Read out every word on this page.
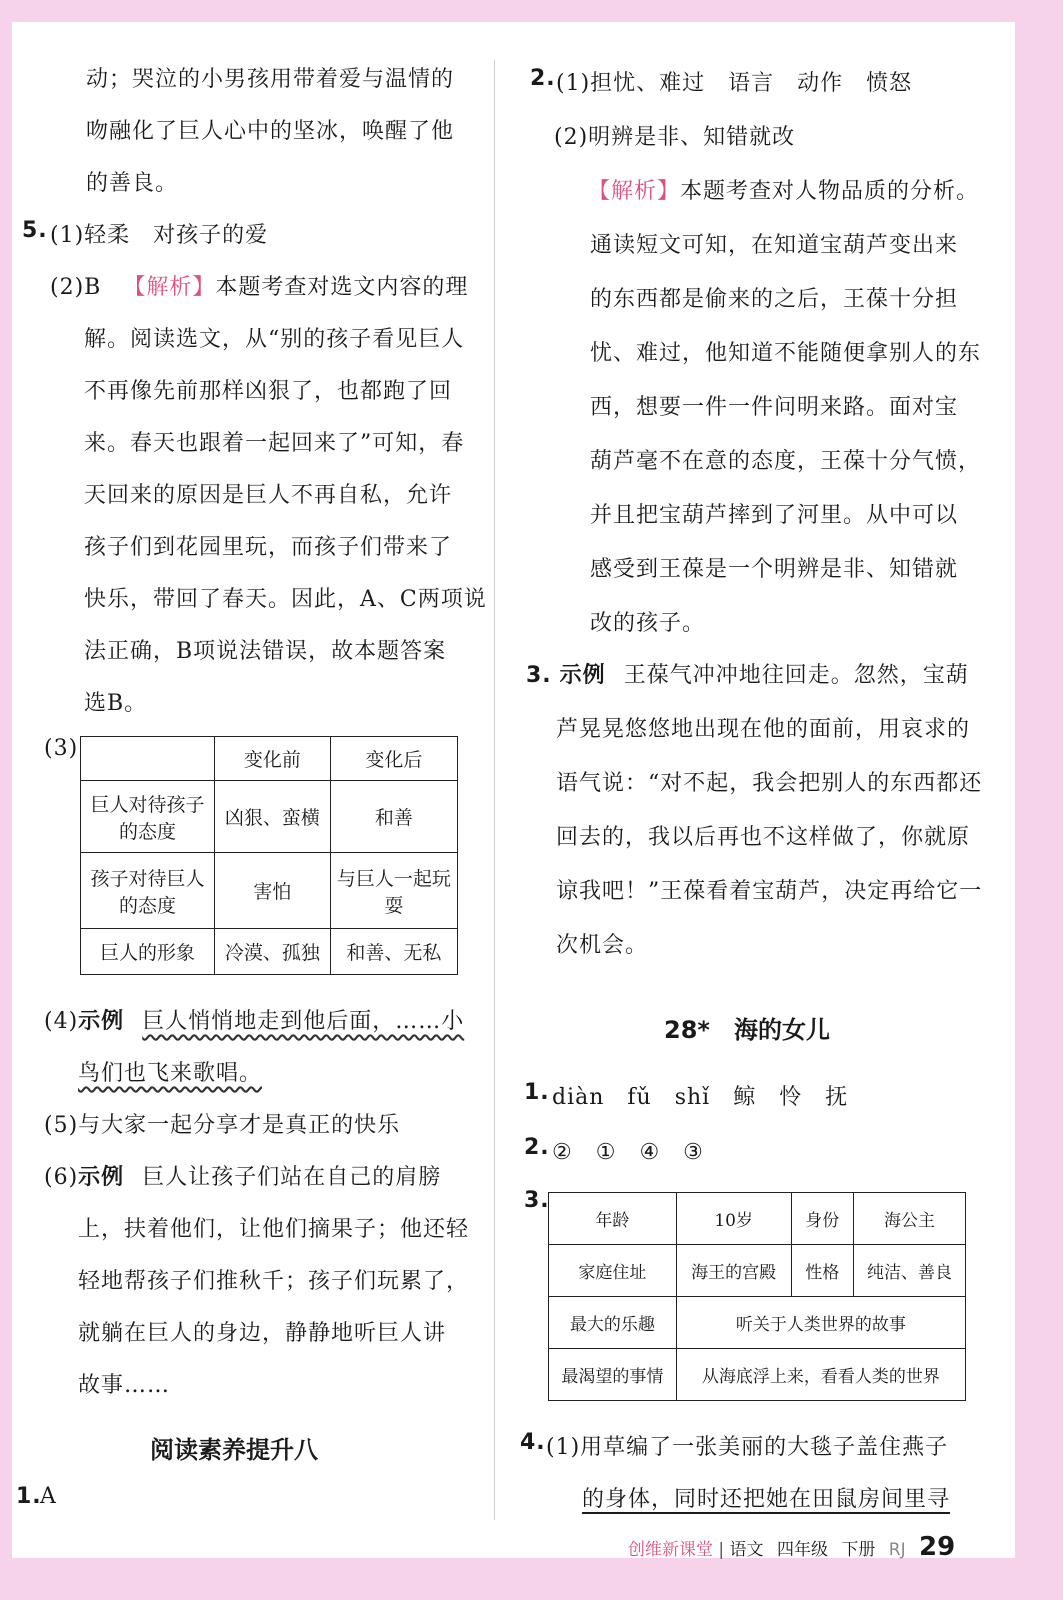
动；哭泣的小男孩用带着爱与温情的
吻融化了巨人心中的坚冰，唤醒了他
的善良。
5. (1)轻柔　对孩子的爱
(2)B 【解析】本题考查对选文内容的理
解。阅读选文，从“别的孩子看见巨人
不再像先前那样凶狠了，也都跑了回
来。春天也跟着一起回来了”可知，春
天回来的原因是巨人不再自私，允许
孩子们到花园里玩，而孩子们带来了
快乐，带回了春天。因此，A、C两项说
法正确，B项说法错误，故本题答案
选B。
(3)
		变化前	变化后
巨人对待孩子的态度	凶狠、蛮横	和善
孩子对待巨人的态度	害怕	与巨人一起玩耍
巨人的形象	冷漠、孤独	和善、无私
(4)示例 巨人悄悄地走到他后面，……小
鸟们也飞来歌唱。
(5)与大家一起分享才是真正的快乐
(6)示例 巨人让孩子们站在自己的肩膀
上，扶着他们，让他们摘果子；他还轻
轻地帮孩子们推秋千；孩子们玩累了，
就躺在巨人的身边，静静地听巨人讲
故事……
阅读素养提升八
1.
A
2. (1)担忧、难过　语言　动作　愤怒
(2)明辨是非、知错就改
【解析】本题考查对人物品质的分析。
通读短文可知，在知道宝葫芦变出来
的东西都是偷来的之后，王葆十分担
忧、难过，他知道不能随便拿别人的东
西，想要一件一件问明来路。面对宝
葫芦毫不在意的态度，王葆十分气愤，
并且把宝葫芦摔到了河里。从中可以
感受到王葆是一个明辨是非、知错就
改的孩子。
3. 示例 王葆气冲冲地往回走。忽然，宝葫
芦晃晃悠悠地出现在他的面前，用哀求的
语气说：“对不起，我会把别人的东西都还
回去的，我以后再也不这样做了，你就原
谅我吧！”王葆看着宝葫芦，决定再给它一
次机会。
28*　海的女儿
1. diàn　fǔ　shǐ　鲸　怜　抚
2. ②　①　④　③
3.
年龄	10岁	身份	海公主
家庭住址	海王的宫殿	性格	纯洁、善良
最大的乐趣	听关于人类世界的故事		
最渴望的事情	从海底浮上来，看看人类的世界		
4. (1)用草编了一张美丽的大毯子盖住燕子
的身体，同时还把她在田鼠房间里寻
创维新课堂 | 语文 四年级 下册 RJ 29
